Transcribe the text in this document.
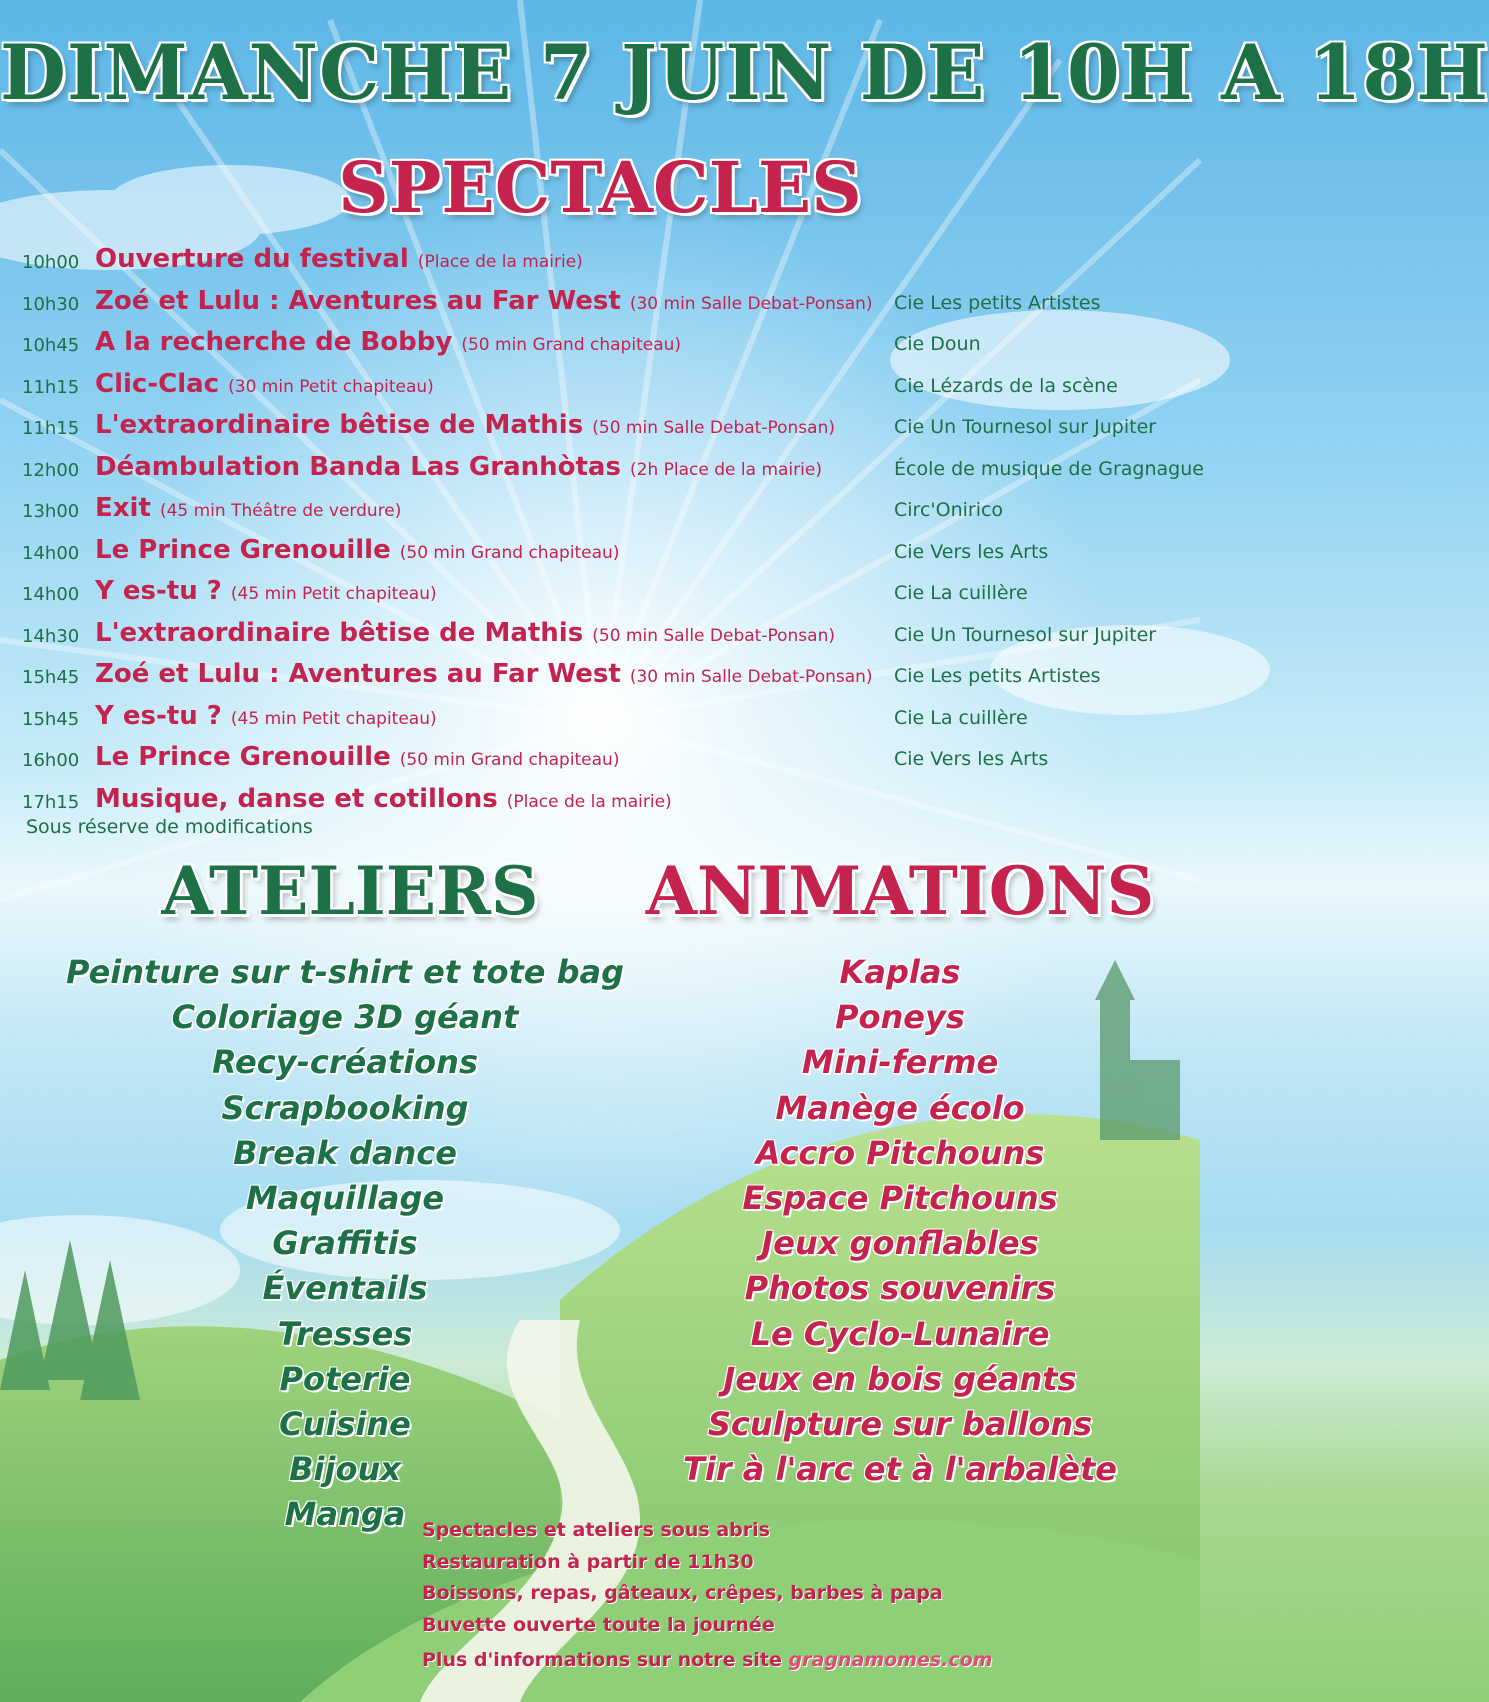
DIMANCHE 7 JUIN DE 10H A 18H
SPECTACLES
10h00 Ouverture du festival (Place de la mairie)
10h30 Zoé et Lulu : Aventures au Far West (30 min Salle Debat-Ponsan) Cie Les petits Artistes
10h45 A la recherche de Bobby (50 min Grand chapiteau)	Cie Doun
11h15 Clic-Clac (30 min Petit chapiteau)	Cie Lézards de la scène
11h15 L'extraordinaire bêtise de Mathis (50 min Salle Debat-Ponsan)	Cie Un Tournesol sur Jupiter
12h00 Déambulation Banda Las Granhòtas (2h Place de la mairie)	École de musique de Gragnague
13h00 Exit (45 min Théâtre de verdure)	Circ'Onirico
14h00 Le Prince Grenouille (50 min Grand chapiteau)	Cie Vers les Arts
14h00 Y es-tu ? (45 min Petit chapiteau)	Cie La cuillère
14h30 L'extraordinaire bêtise de Mathis (50 min Salle Debat-Ponsan)	Cie Un Tournesol sur Jupiter
15h45 Zoé et Lulu : Aventures au Far West (30 min Salle Debat-Ponsan) Cie Les petits Artistes
15h45 Y es-tu ? (45 min Petit chapiteau)	Cie La cuillère
16h00 Le Prince Grenouille (50 min Grand chapiteau)	Cie Vers les Arts
17h15 Musique, danse et cotillons (Place de la mairie)
Sous réserve de modifications
ATELIERS	ANIMATIONS
Peinture sur t-shirt et tote bag
Coloriage 3D géant
Recy-créations
Scrapbooking
Break dance
Maquillage
Graffitis
Éventails
Tresses
Poterie
Cuisine
Bijoux
Manga
Kaplas
Poneys
Mini-ferme
Manège écolo
Accro Pitchouns
Espace Pitchouns
Jeux gonflables
Photos souvenirs
Le Cyclo-Lunaire
Jeux en bois géants
Sculpture sur ballons
Tir à l'arc et à l'arbalète
Spectacles et ateliers sous abris
Restauration à partir de 11h30
Boissons, repas, gâteaux, crêpes, barbes à papa
Buvette ouverte toute la journée
Plus d'informations sur notre site gragnamomes.com
